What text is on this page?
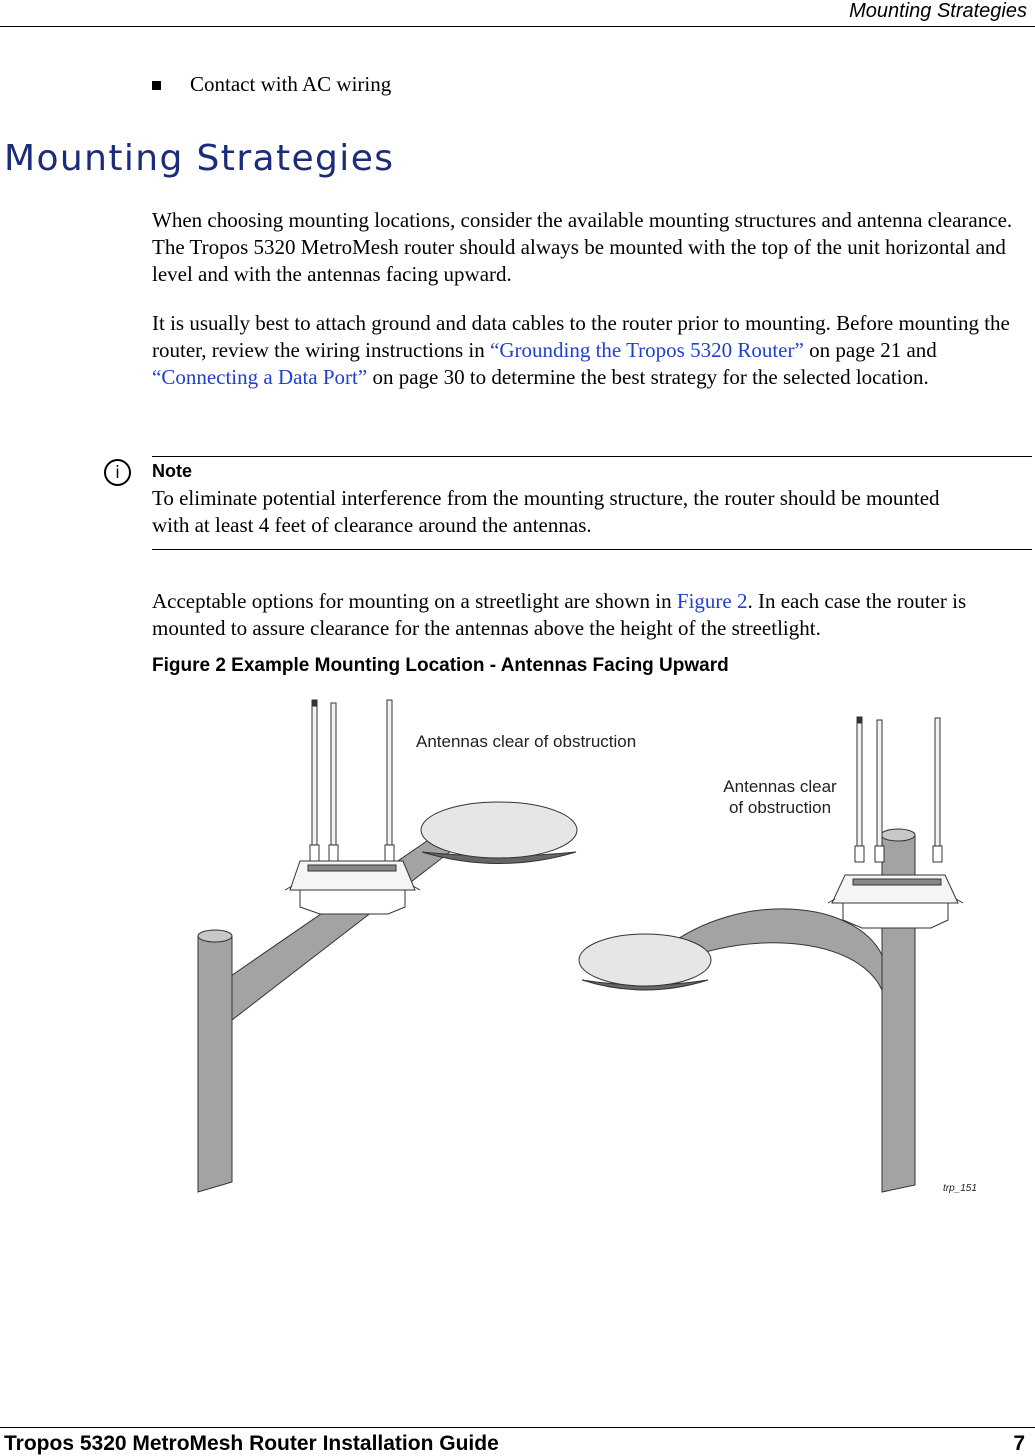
Mounting Strategies
Contact with AC wiring
Mounting Strategies

When choosing mounting locations, consider the available mounting structures and antenna clearance. The Tropos 5320 MetroMesh router should always be mounted with the top of the unit horizontal and level and with the antennas facing upward.

It is usually best to attach ground and data cables to the router prior to mounting. Before mounting the router, review the wiring instructions in “Grounding the Tropos 5320 Router” on page 21 and “Connecting a Data Port” on page 30 to determine the best strategy for the selected location.

i	Note
To eliminate potential interference from the mounting structure, the router should be mounted with at least 4 feet of clearance around the antennas.

Acceptable options for mounting on a streetlight are shown in Figure 2. In each case the router is mounted to assure clearance for the antennas above the height of the streetlight.

Figure 2 Example Mounting Location - Antennas Facing Upward
Antennas clear of obstruction
Antennas clear
of obstruction
trp_151
Tropos 5320 MetroMesh Router Installation Guide	7
